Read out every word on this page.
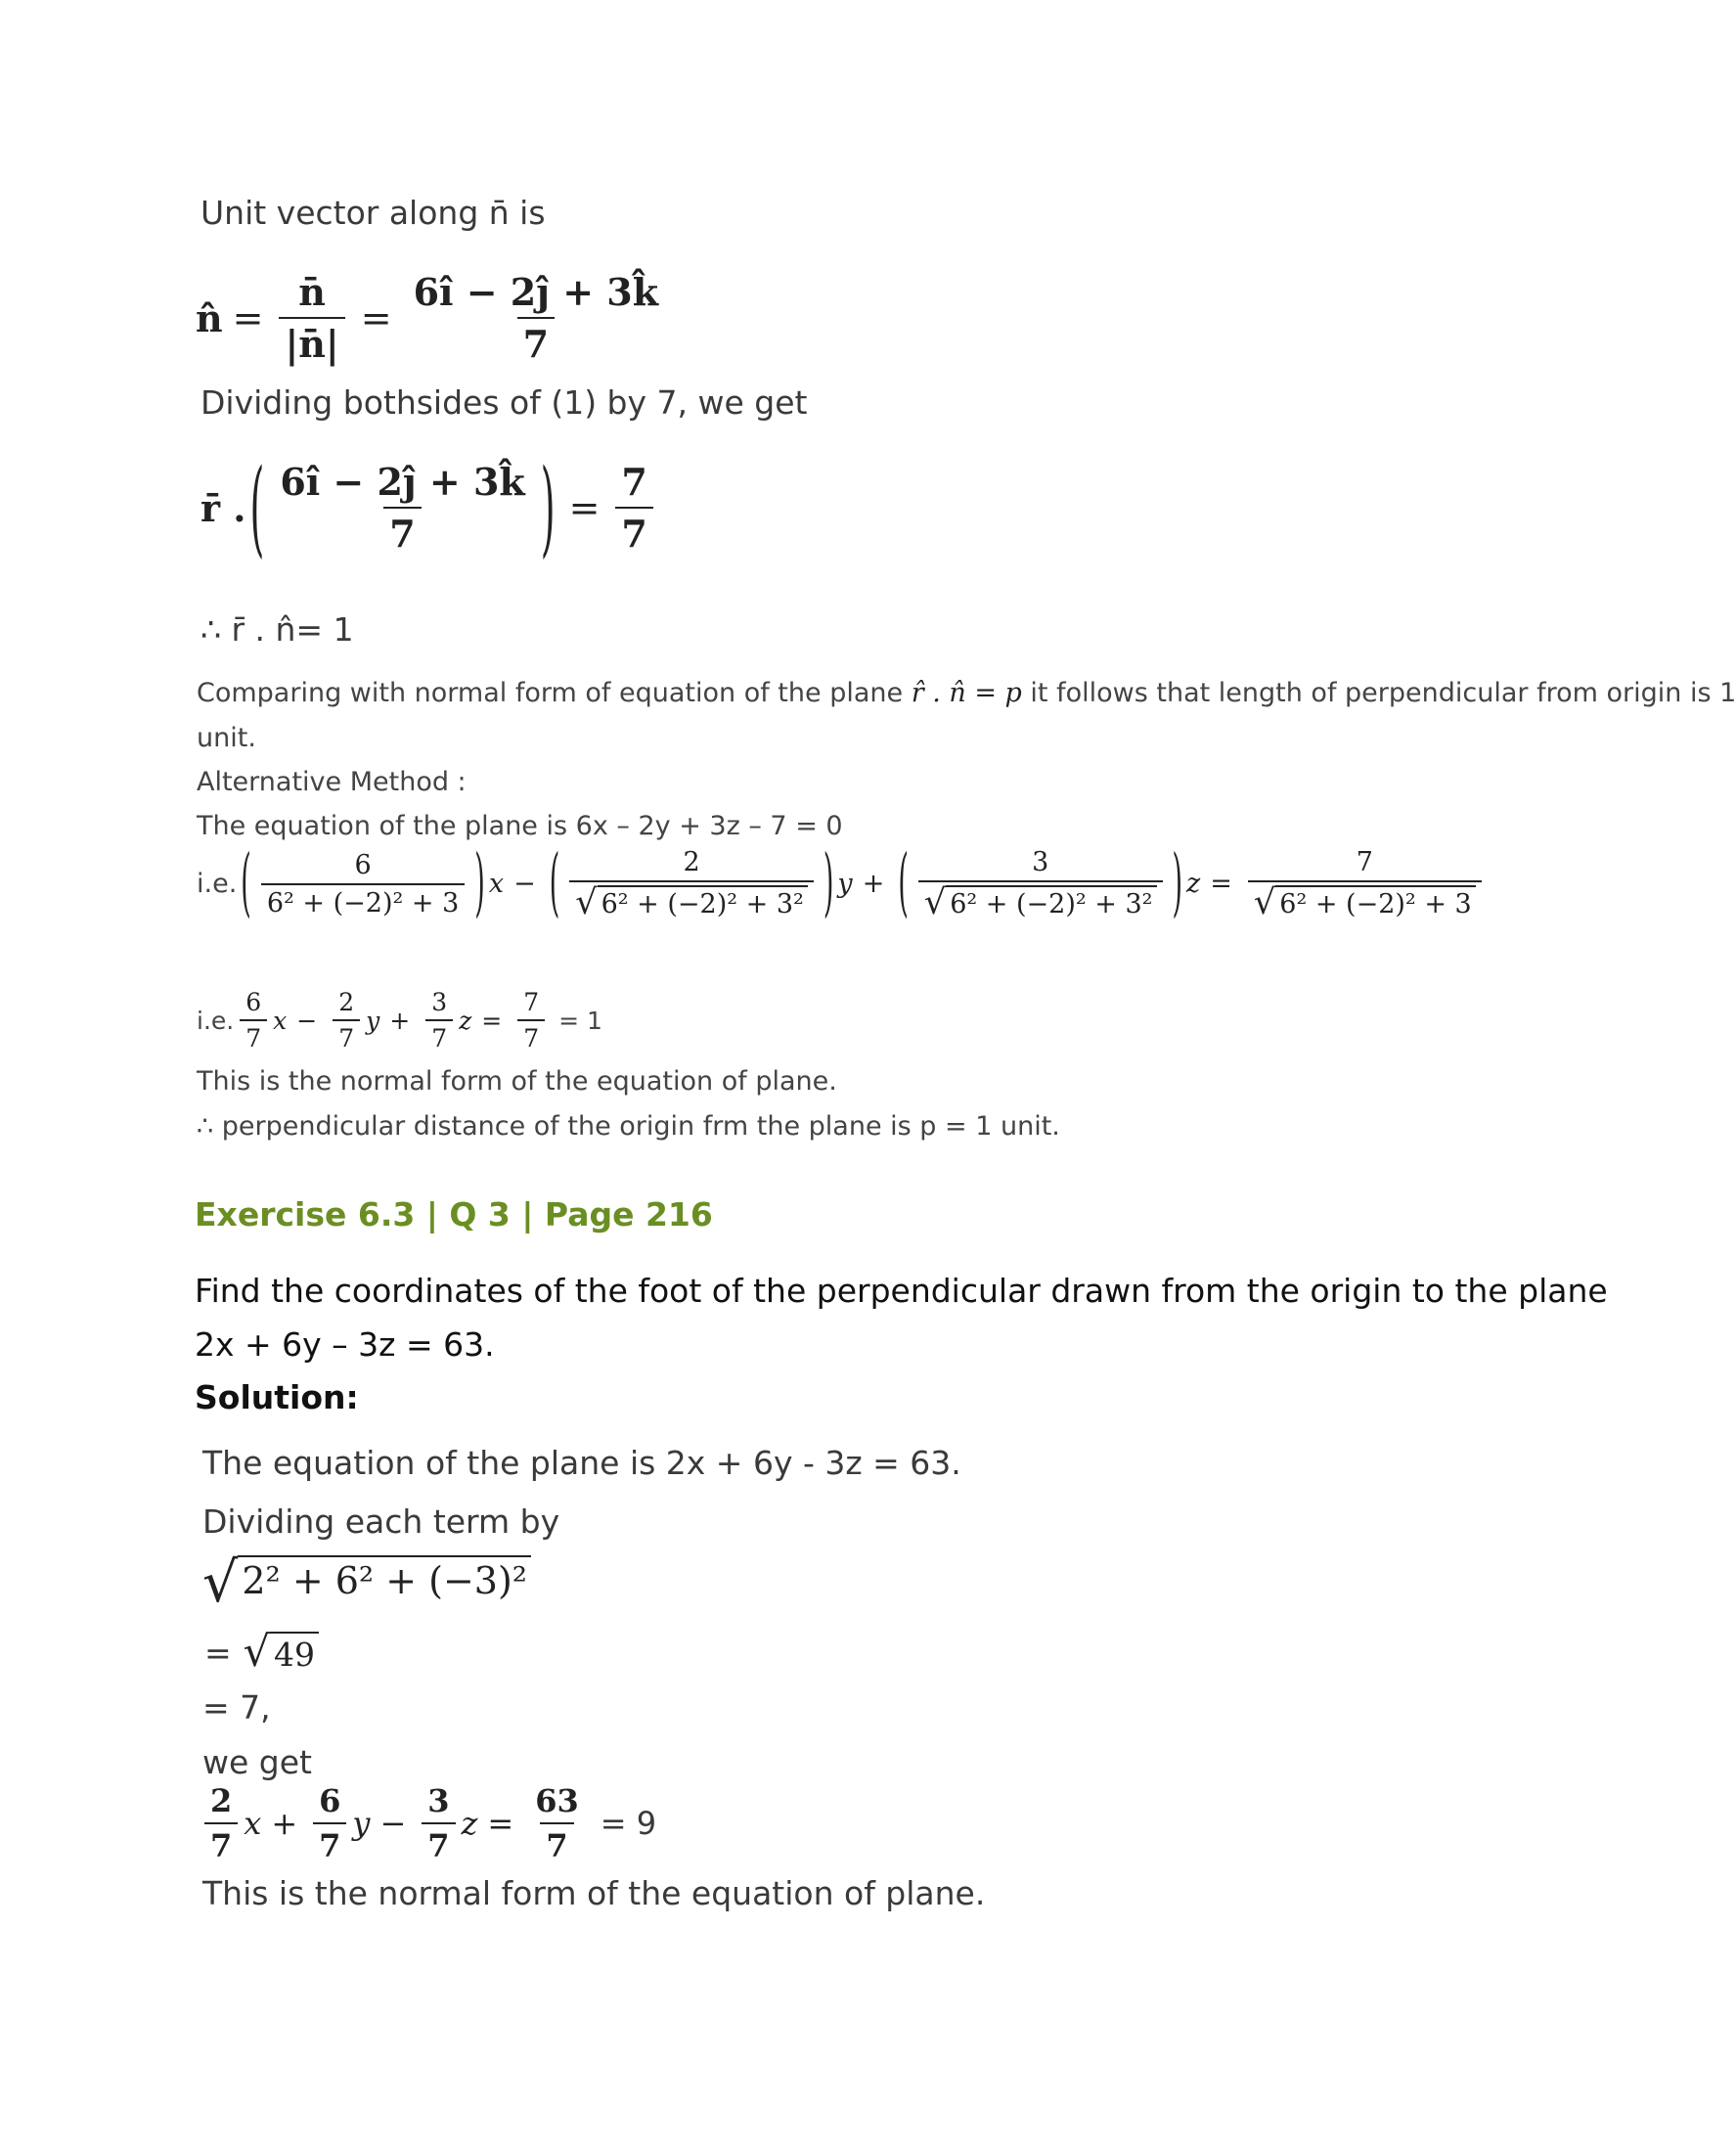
Unit vector along n̄ is
n̂ = $\frac{n̄}{|n̄|} = \frac{6î - 2ĵ + 3k̂}{7}$
Dividing bothsides of (1) by 7, we get
r̄ . ( $\frac{6î - 2ĵ + 3k̂}{7}$ ) = $\frac{7}{7}$
∴ r̄ . n̂= 1
Comparing with normal form of equation of the plane r̂ . n̂ = p it follows that length of perpendicular from origin is 1
unit.
Alternative Method :
The equation of the plane is 6x – 2y + 3z – 7 = 0
i.e. ( $\frac{6}{\text{6² + (−2)² + 3}}$ ) x − ( $\frac{2}{\text{√ 6² + (−2)² + 3²}}$ ) y + ( $\frac{3}{\text{√ 6² + (−2)² + 3²}}$ ) $z = \frac{7}{\text{√ 6² + (−2)² + 3}}$
i.e. $\frac{6}{7}$ $x - \frac{2}{7}$ $y + \frac{3}{7}$ $z = \frac{7}{7} = 1$
This is the normal form of the equation of plane.
∴ perpendicular distance of the origin frm the plane is p = 1 unit.
Exercise 6.3 | Q 3 | Page 216
Find the coordinates of the foot of the perpendicular drawn from the origin to the plane
2x + 6y – 3z = 63.
Solution:
The equation of the plane is 2x + 6y - 3z = 63.
Dividing each term by
√ 2² + 6² + (−3)²
= √ 49
= 7,
we get
$\frac{2}{7}$ $x + \frac{6}{7}$ $y - \frac{3}{7}$ $z = \frac{63}{7} = 9$
This is the normal form of the equation of plane.
